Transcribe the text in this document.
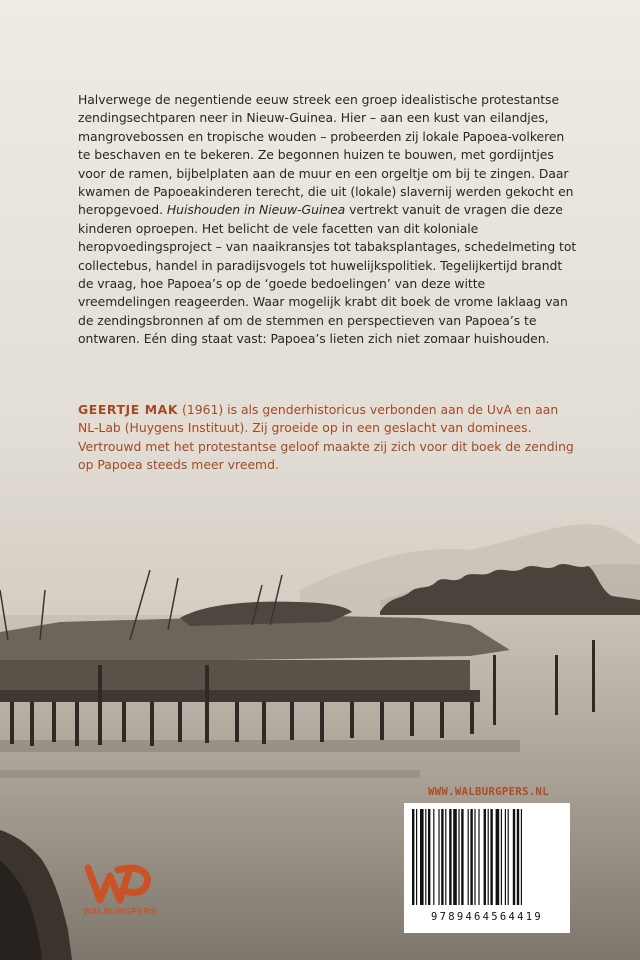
Halverwege de negentiende eeuw streek een groep idealistische protestantse zendingsechtparen neer in Nieuw-Guinea. Hier – aan een kust van eilandjes, mangrovebossen en tropische wouden – probeerden zij lokale Papoea-volkeren te beschaven en te bekeren. Ze begonnen huizen te bouwen, met gordijntjes voor de ramen, bijbelplaten aan de muur en een orgeltje om bij te zingen. Daar kwamen de Papoeakinderen terecht, die uit (lokale) slavernij werden gekocht en heropgevoed. Huishouden in Nieuw-Guinea vertrekt vanuit de vragen die deze kinderen oproepen. Het belicht de vele facetten van dit koloniale heropvoedingsproject – van naaikransjes tot tabaksplantages, schedelmeting tot collectebus, handel in paradijsvogels tot huwelijkspolitiek. Tegelijkertijd brandt de vraag, hoe Papoea’s op de ‘goede bedoelingen’ van deze witte vreemdelingen reageerden. Waar mogelijk krabt dit boek de vrome laklaag van de zendingsbronnen af om de stemmen en perspectieven van Papoea’s te ontwaren. Eén ding staat vast: Papoea’s lieten zich niet zomaar huishouden.

GEERTJE MAK (1961) is als genderhistoricus verbonden aan de UvA en aan NL-Lab (Huygens Instituut). Zij groeide op in een geslacht van dominees. Vertrouwd met het protestantse geloof maakte zij zich voor dit boek de zending op Papoea steeds meer vreemd.
WWW.WALBURGPERS.NL
9789464564419
WALBURGPERS
